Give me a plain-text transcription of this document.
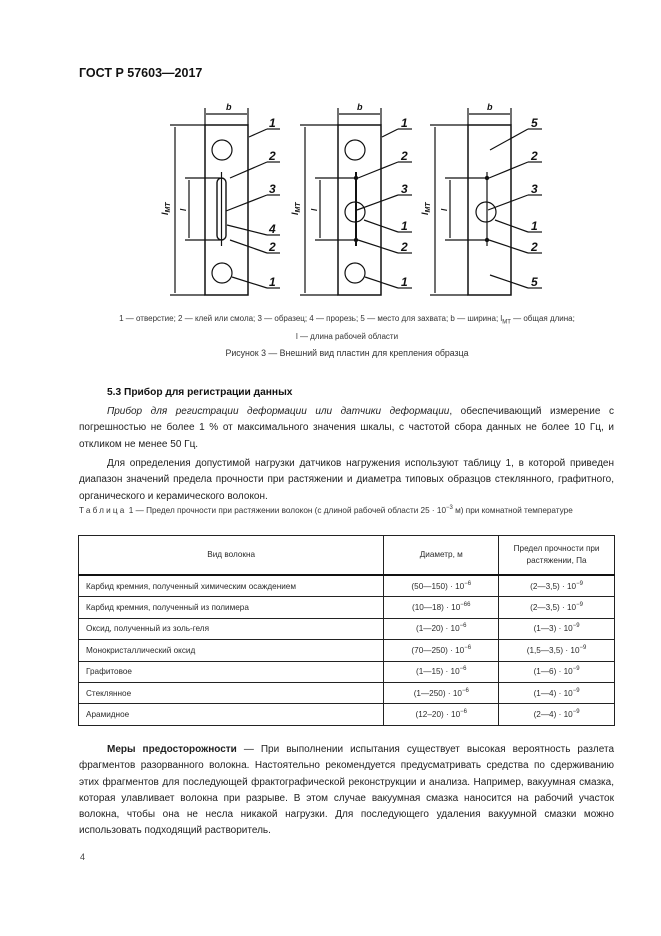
ГОСТ Р 57603—2017
b
1
2
3
4
2
1
$l_{МТ}$ l
b
1
2
3
1
2
1
$l_{МТ}$ l
b
5
2
3
1
2
5
$l_{МТ}$ l
1 — отверстие; 2 — клей или смола; 3 — образец; 4 — прорезь; 5 — место для захвата; b — ширина; $l_{МТ}$ — общая длина;
l — длина рабочей области
Рисунок 3 — Внешний вид пластин для крепления образца
5.3 Прибор для регистрации данных
Прибор для регистрации деформации или датчики деформации, обеспечивающий измерение с погрешностью не более 1 % от максимального значения шкалы, с частотой сбора данных не более 10 Гц, и откликом не менее 50 Гц.
Для определения допустимой нагрузки датчиков нагружения используют таблицу 1, в которой приведен диапазон значений предела прочности при растяжении и диаметра типовых образцов стеклянного, графитного, органического и керамического волокон.
Таблица 1 — Предел прочности при растяжении волокон (с длиной рабочей области $25 \cdot 10^{-3}$ м) при комнатной температуре
Вид волокна	Диаметр, м	Предел прочности при растяжении, Па
Карбид кремния, полученный химическим осаждением	(50—150) · $10^{-6}$	(2—3,5) · $10^{-9}$
Карбид кремния, полученный из полимера	(10—18) · $10^{-66}$	(2—3,5) · $10^{-9}$
Оксид, полученный из золь-геля	(1—20) · $10^{-6}$	(1—3) · $10^{-9}$
Монокристаллический оксид	(70—250) · $10^{-6}$	(1,5—3,5) · $10^{-9}$
Графитовое	(1—15) · $10^{-6}$	(1—6) · $10^{-9}$
Стеклянное	(1—250) · $10^{-6}$	(1—4) · $10^{-9}$
Арамидное	$(12-20) \cdot 10^{-6}$	(2—4) · $10^{-9}$
Меры предосторожности — При выполнении испытания существует высокая вероятность разлета фрагментов разорванного волокна. Настоятельно рекомендуется предусматривать средства по сдерживанию этих фрагментов для последующей фрактографической реконструкции и анализа. Например, вакуумная смазка, которая улавливает волокна при разрыве. В этом случае вакуумная смазка наносится на рабочий участок волокна, чтобы она не несла никакой нагрузки. Для последующего удаления вакуумной смазки можно использовать подходящий растворитель.
4
